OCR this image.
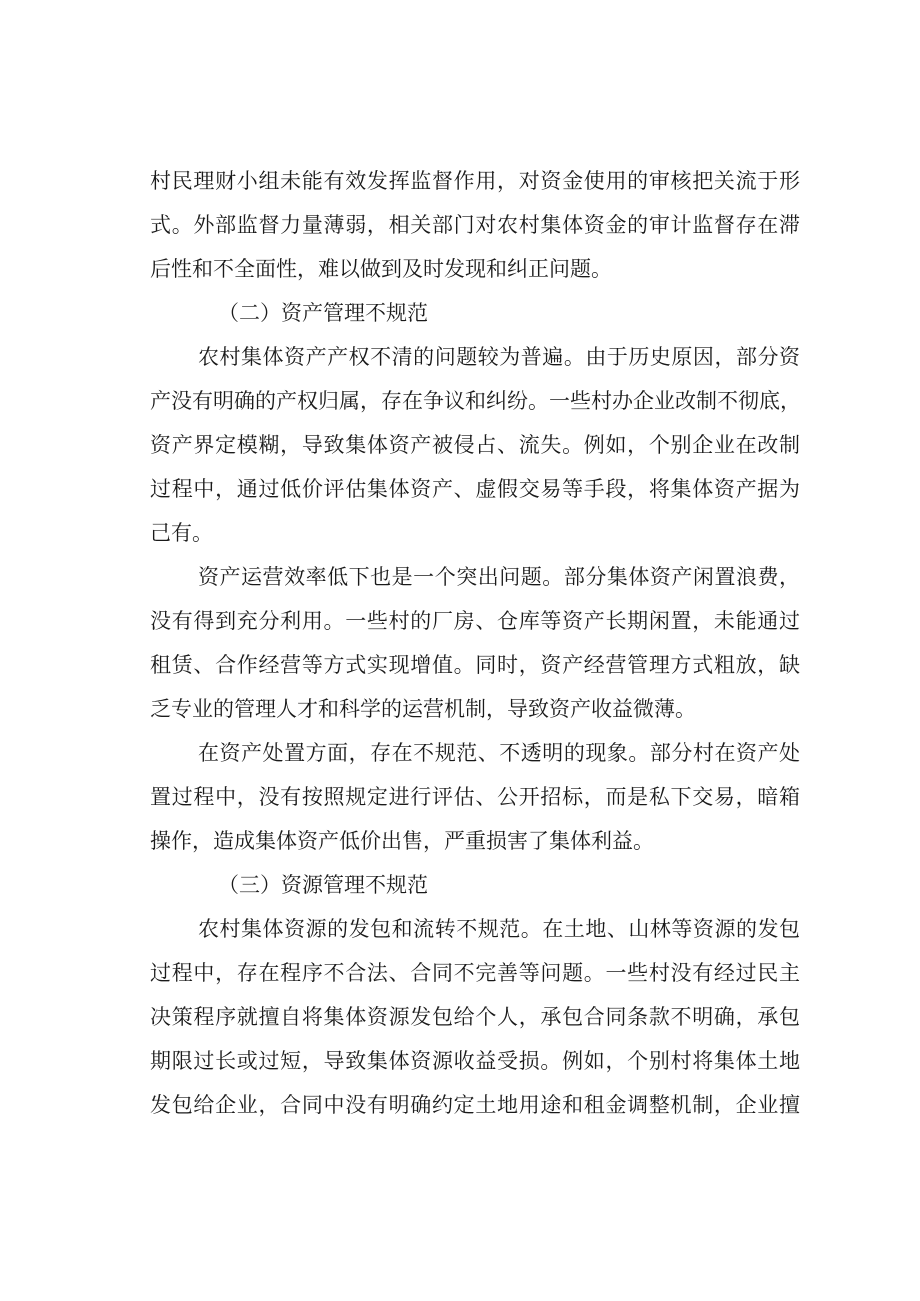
村民理财小组未能有效发挥监督作用，对资金使用的审核把关流于形
式。外部监督力量薄弱，相关部门对农村集体资金的审计监督存在滞
后性和不全面性，难以做到及时发现和纠正问题。
（二）资产管理不规范
农村集体资产产权不清的问题较为普遍。由于历史原因，部分资
产没有明确的产权归属，存在争议和纠纷。一些村办企业改制不彻底，
资产界定模糊，导致集体资产被侵占、流失。例如，个别企业在改制
过程中，通过低价评估集体资产、虚假交易等手段，将集体资产据为
己有。
资产运营效率低下也是一个突出问题。部分集体资产闲置浪费，
没有得到充分利用。一些村的厂房、仓库等资产长期闲置，未能通过
租赁、合作经营等方式实现增值。同时，资产经营管理方式粗放，缺
乏专业的管理人才和科学的运营机制，导致资产收益微薄。
在资产处置方面，存在不规范、不透明的现象。部分村在资产处
置过程中，没有按照规定进行评估、公开招标，而是私下交易，暗箱
操作，造成集体资产低价出售，严重损害了集体利益。
（三）资源管理不规范
农村集体资源的发包和流转不规范。在土地、山林等资源的发包
过程中，存在程序不合法、合同不完善等问题。一些村没有经过民主
决策程序就擅自将集体资源发包给个人，承包合同条款不明确，承包
期限过长或过短，导致集体资源收益受损。例如，个别村将集体土地
发包给企业，合同中没有明确约定土地用途和租金调整机制，企业擅
